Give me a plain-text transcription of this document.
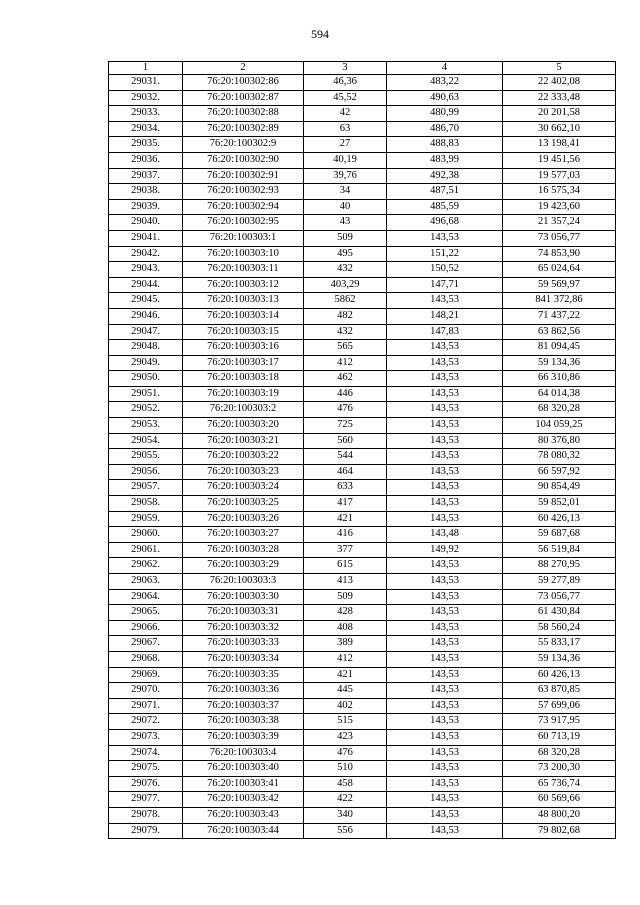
594
1	2	3	4	5
29031.	76:20:100302:86	46,36	483,22	22 402,08
29032.	76:20:100302:87	45,52	490,63	22 333,48
29033.	76:20:100302:88	42	480,99	20 201,58
29034.	76:20:100302:89	63	486,70	30 662,10
29035.	76:20:100302:9	27	488,83	13 198,41
29036.	76:20:100302:90	40,19	483,99	19 451,56
29037.	76:20:100302:91	39,76	492,38	19 577,03
29038.	76:20:100302:93	34	487,51	16 575,34
29039.	76:20:100302:94	40	485,59	19 423,60
29040.	76:20:100302:95	43	496,68	21 357,24
29041.	76:20:100303:1	509	143,53	73 056,77
29042.	76:20:100303:10	495	151,22	74 853,90
29043.	76:20:100303:11	432	150,52	65 024,64
29044.	76:20:100303:12	403,29	147,71	59 569,97
29045.	76:20:100303:13	5862	143,53	841 372,86
29046.	76:20:100303:14	482	148,21	71 437,22
29047.	76:20:100303:15	432	147,83	63 862,56
29048.	76:20:100303:16	565	143,53	81 094,45
29049.	76:20:100303:17	412	143,53	59 134,36
29050.	76:20:100303:18	462	143,53	66 310,86
29051.	76:20:100303:19	446	143,53	64 014,38
29052.	76:20:100303:2	476	143,53	68 320,28
29053.	76:20:100303:20	725	143,53	104 059,25
29054.	76:20:100303:21	560	143,53	80 376,80
29055.	76:20:100303:22	544	143,53	78 080,32
29056.	76:20:100303:23	464	143,53	66 597,92
29057.	76:20:100303:24	633	143,53	90 854,49
29058.	76:20:100303:25	417	143,53	59 852,01
29059.	76:20:100303:26	421	143,53	60 426,13
29060.	76:20:100303:27	416	143,48	59 687,68
29061.	76:20:100303:28	377	149,92	56 519,84
29062.	76:20:100303:29	615	143,53	88 270,95
29063.	76:20:100303:3	413	143,53	59 277,89
29064.	76:20:100303:30	509	143,53	73 056,77
29065.	76:20:100303:31	428	143,53	61 430,84
29066.	76:20:100303:32	408	143,53	58 560,24
29067.	76:20:100303:33	389	143,53	55 833,17
29068.	76:20:100303:34	412	143,53	59 134,36
29069.	76:20:100303:35	421	143,53	60 426,13
29070.	76:20:100303:36	445	143,53	63 870,85
29071.	76:20:100303:37	402	143,53	57 699,06
29072.	76:20:100303:38	515	143,53	73 917,95
29073.	76:20:100303:39	423	143,53	60 713,19
29074.	76:20:100303:4	476	143,53	68 320,28
29075.	76:20:100303:40	510	143,53	73 200,30
29076.	76:20:100303:41	458	143,53	65 736,74
29077.	76:20:100303:42	422	143,53	60 569,66
29078.	76:20:100303:43	340	143,53	48 800,20
29079.	76:20:100303:44	556	143,53	79 802,68
